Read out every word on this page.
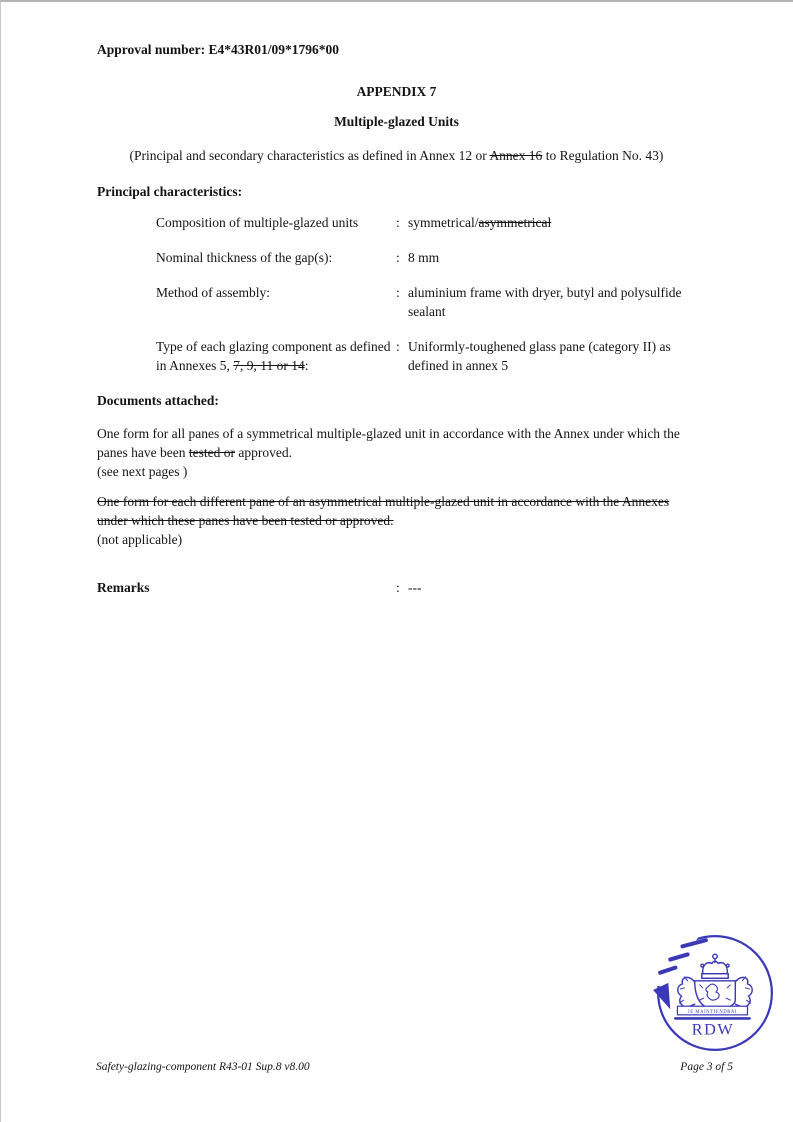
Approval number: E4*43R01/09*1796*00
APPENDIX 7
Multiple-glazed Units
(Principal and secondary characteristics as defined in Annex 12 or Annex 16 to Regulation No. 43)
Principal characteristics:
Composition of multiple-glazed units	: symmetrical/asymmetrical
Nominal thickness of the gap(s):	: 8 mm
Method of assembly:	: aluminium frame with dryer, butyl and polysulfide sealant
Type of each glazing component as defined in Annexes 5, 7, 9, 11 or 14:
: Uniformly-toughened glass pane (category II) as defined in annex 5
Documents attached:
One form for all panes of a symmetrical multiple-glazed unit in accordance with the Annex under which the panes have been tested or approved.
(see next pages )
One form for each different pane of an asymmetrical multiple-glazed unit in accordance with the Annexes under which these panes have been tested or approved.
(not applicable)
Remarks	: ---
JE MAINTIENDRAI
RDW
Safety-glazing-component R43-01 Sup.8 v8.00	Page 3 of 5
